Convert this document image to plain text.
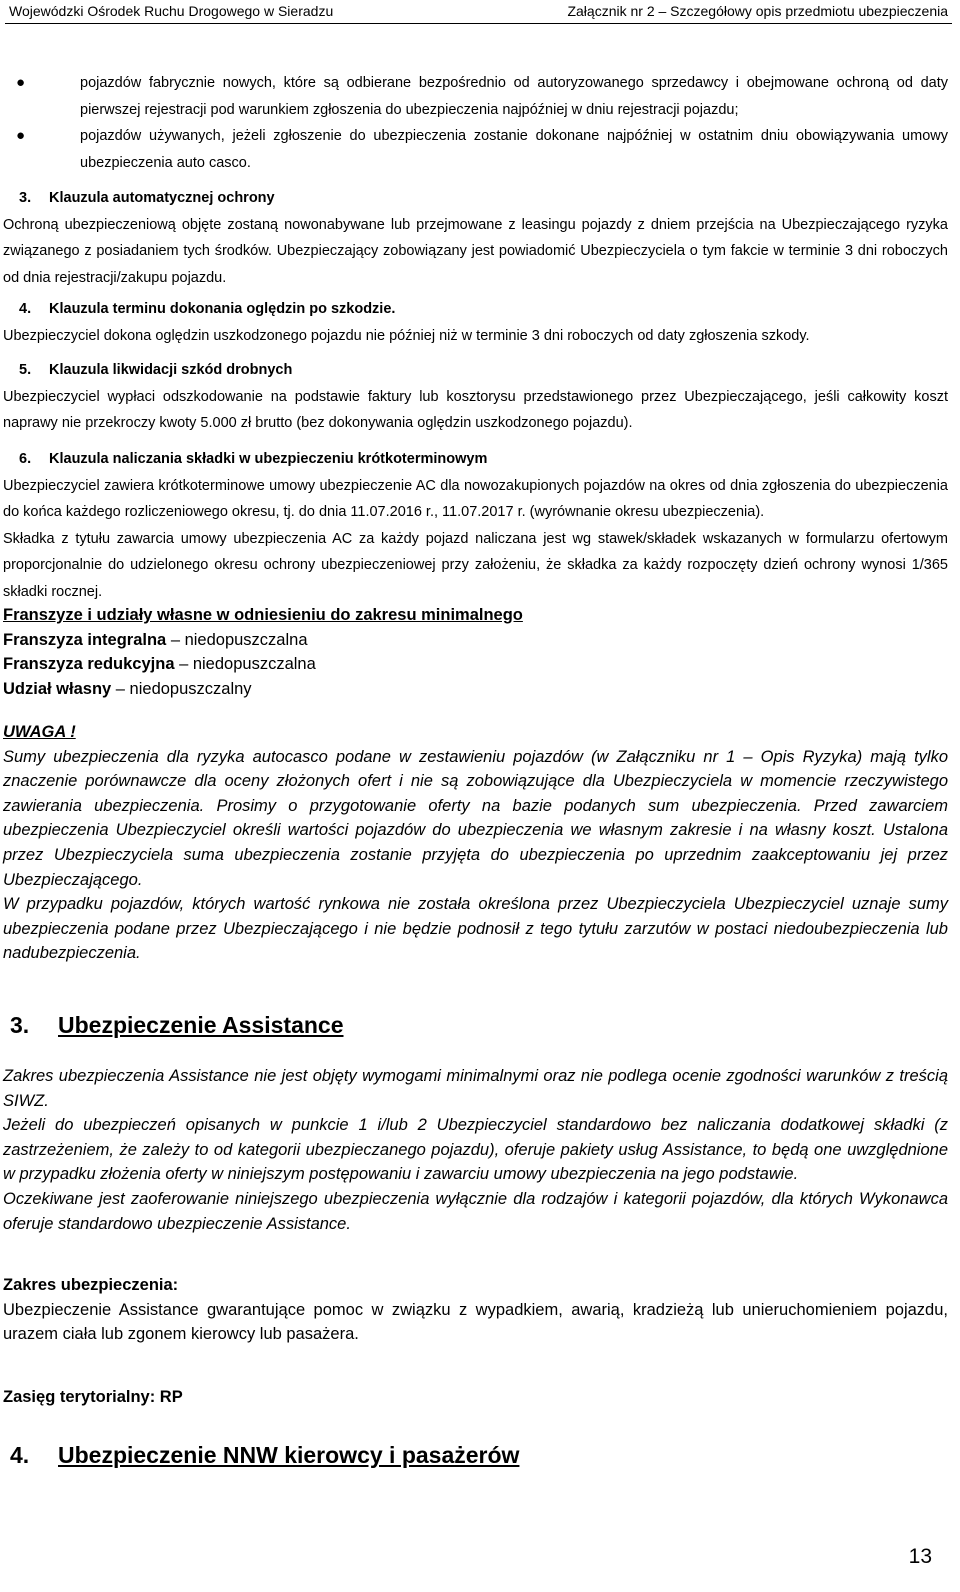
Wojewódzki Ośrodek Ruchu Drogowego w Sieradzu	Załącznik nr 2 – Szczegółowy opis przedmiotu ubezpieczenia
●	pojazdów fabrycznie nowych, które są odbierane bezpośrednio od autoryzowanego sprzedawcy i obejmowane ochroną od daty pierwszej rejestracji pod warunkiem zgłoszenia do ubezpieczenia najpóźniej w dniu rejestracji pojazdu;
●	pojazdów używanych, jeżeli zgłoszenie do ubezpieczenia zostanie dokonane najpóźniej w ostatnim dniu obowiązywania umowy ubezpieczenia auto casco.

3. Klauzula automatycznej ochrony

Ochroną ubezpieczeniową objęte zostaną nowonabywane lub przejmowane z leasingu pojazdy z dniem przejścia na Ubezpieczającego ryzyka związanego z posiadaniem tych środków. Ubezpieczający zobowiązany jest powiadomić Ubezpieczyciela o tym fakcie w terminie 3 dni roboczych od dnia rejestracji/zakupu pojazdu.

4. Klauzula terminu dokonania oględzin po szkodzie.

Ubezpieczyciel dokona oględzin uszkodzonego pojazdu nie później niż w terminie 3 dni roboczych od daty zgłoszenia szkody.

5. Klauzula likwidacji szkód drobnych

Ubezpieczyciel wypłaci odszkodowanie na podstawie faktury lub kosztorysu przedstawionego przez Ubezpieczającego, jeśli całkowity koszt naprawy nie przekroczy kwoty 5.000 zł brutto (bez dokonywania oględzin uszkodzonego pojazdu).

6. Klauzula naliczania składki w ubezpieczeniu krótkoterminowym

Ubezpieczyciel zawiera krótkoterminowe umowy ubezpieczenie AC dla nowozakupionych pojazdów na okres od dnia zgłoszenia do ubezpieczenia do końca każdego rozliczeniowego okresu, tj. do dnia 11.07.2016 r., 11.07.2017 r. (wyrównanie okresu ubezpieczenia).

Składka z tytułu zawarcia umowy ubezpieczenia AC za każdy pojazd naliczana jest wg stawek/składek wskazanych w formularzu ofertowym proporcjonalnie do udzielonego okresu ochrony ubezpieczeniowej przy założeniu, że składka za każdy rozpoczęty dzień ochrony wynosi 1/365 składki rocznej.

Franszyze i udziały własne w odniesieniu do zakresu minimalnego
Franszyza integralna – niedopuszczalna
Franszyza redukcyjna – niedopuszczalna
Udział własny – niedopuszczalny

UWAGA !

Sumy ubezpieczenia dla ryzyka autocasco podane w zestawieniu pojazdów (w Załączniku nr 1 – Opis Ryzyka) mają tylko znaczenie porównawcze dla oceny złożonych ofert i nie są zobowiązujące dla Ubezpieczyciela w momencie rzeczywistego zawierania ubezpieczenia. Prosimy o przygotowanie oferty na bazie podanych sum ubezpieczenia. Przed zawarciem ubezpieczenia Ubezpieczyciel określi wartości pojazdów do ubezpieczenia we własnym zakresie i na własny koszt. Ustalona przez Ubezpieczyciela suma ubezpieczenia zostanie przyjęta do ubezpieczenia po uprzednim zaakceptowaniu jej przez Ubezpieczającego.

W przypadku pojazdów, których wartość rynkowa nie została określona przez Ubezpieczyciela Ubezpieczyciel uznaje sumy ubezpieczenia podane przez Ubezpieczającego i nie będzie podnosił z tego tytułu zarzutów w postaci niedoubezpieczenia lub nadubezpieczenia.

3. Ubezpieczenie Assistance

Zakres ubezpieczenia Assistance nie jest objęty wymogami minimalnymi oraz nie podlega ocenie zgodności warunków z treścią SIWZ.

Jeżeli do ubezpieczeń opisanych w punkcie 1 i/lub 2 Ubezpieczyciel standardowo bez naliczania dodatkowej składki (z zastrzeżeniem, że zależy to od kategorii ubezpieczanego pojazdu), oferuje pakiety usług Assistance, to będą one uwzględnione w przypadku złożenia oferty w niniejszym postępowaniu i zawarciu umowy ubezpieczenia na jego podstawie.

Oczekiwane jest zaoferowanie niniejszego ubezpieczenia wyłącznie dla rodzajów i kategorii pojazdów, dla których Wykonawca oferuje standardowo ubezpieczenie Assistance.

Zakres ubezpieczenia:
Ubezpieczenie Assistance gwarantujące pomoc w związku z wypadkiem, awarią, kradzieżą lub unieruchomieniem pojazdu, urazem ciała lub zgonem kierowcy lub pasażera.
Zasięg terytorialny: RP
4. Ubezpieczenie NNW kierowcy i pasażerów
13
